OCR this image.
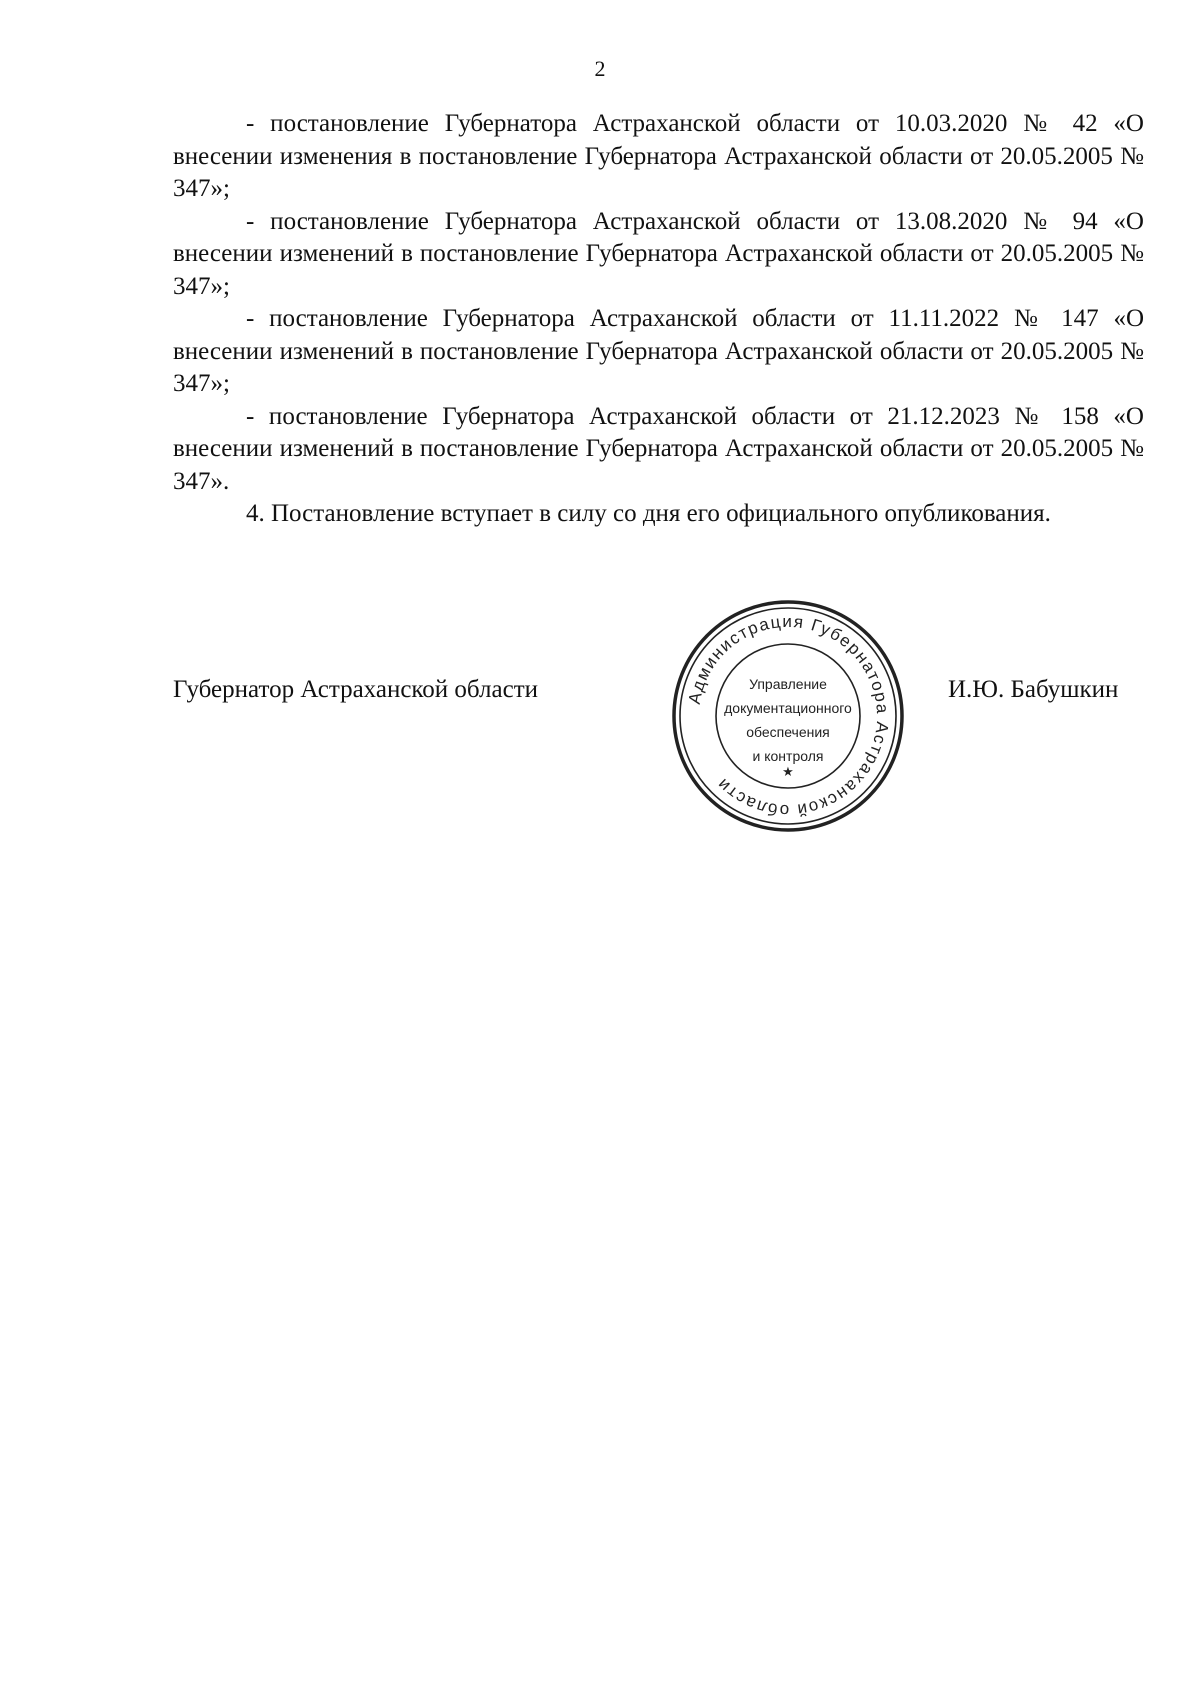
2

- постановление Губернатора Астраханской области от 10.03.2020 № 42 «О внесении изменения в постановление Губернатора Астраханской области от 20.05.2005 № 347»;

- постановление Губернатора Астраханской области от 13.08.2020 № 94 «О внесении изменений в постановление Губернатора Астраханской области от 20.05.2005 № 347»;

- постановление Губернатора Астраханской области от 11.11.2022 № 147 «О внесении изменений в постановление Губернатора Астраханской области от 20.05.2005 № 347»;

- постановление Губернатора Астраханской области от 21.12.2023 № 158 «О внесении изменений в постановление Губернатора Астраханской области от 20.05.2005 № 347».

4. Постановление вступает в силу со дня его официального опубликования.

Губернатор Астраханской области	Администрация Губернатора Астраханской области
★
Управление
документационного
обеспечения
и контроля
И.Ю. Бабушкин
